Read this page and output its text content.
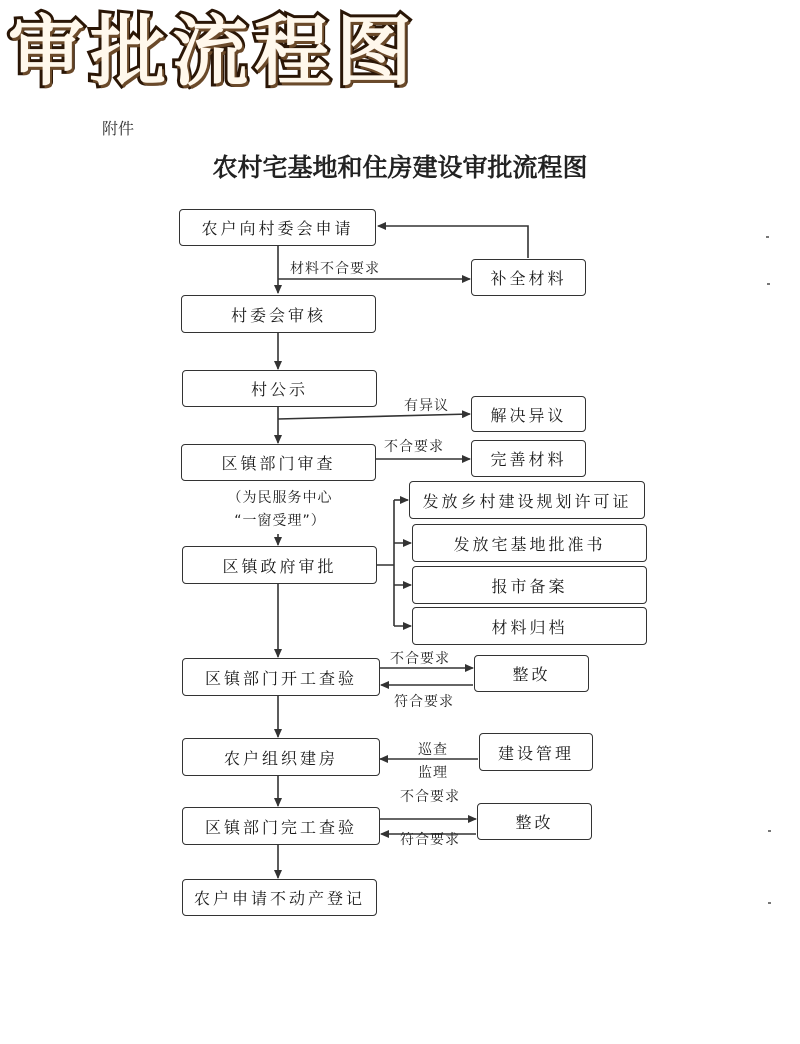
审批流程图
附件
农村宅基地和住房建设审批流程图
农户向村委会申请
补全材料
村委会审核
村公示
解决异议
区镇部门审查	完善材料
（为民服务中心
“一窗受理”）
区镇政府审批
发放乡村建设规划许可证
发放宅基地批准书
报市备案
材料归档
区镇部门开工查验	整改
农户组织建房	建设管理
区镇部门完工查验	整改
农户申请不动产登记
材料不合要求
有异议
不合要求
不合要求
符合要求
巡查
监理
不合要求
符合要求
